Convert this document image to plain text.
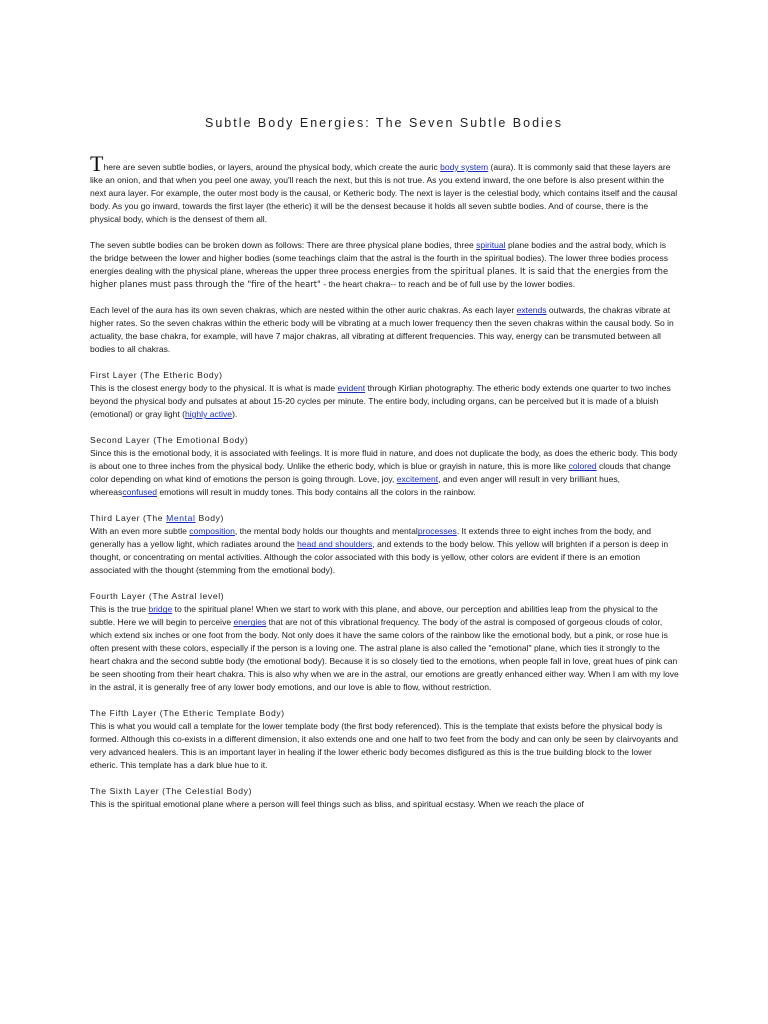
Subtle Body Energies: The Seven Subtle Bodies

There are seven subtle bodies, or layers, around the physical body, which create the auric body system (aura). It is commonly said that these layers are like an onion, and that when you peel one away, you'll reach the next, but this is not true. As you extend inward, the one before is also present within the next aura layer. For example, the outer most body is the causal, or Ketheric body. The next is layer is the celestial body, which contains itself and the causal body. As you go inward, towards the first layer (the etheric) it will be the densest because it holds all seven subtle bodies. And of course, there is the physical body, which is the densest of them all.

The seven subtle bodies can be broken down as follows: There are three physical plane bodies, three spiritual plane bodies and the astral body, which is the bridge between the lower and higher bodies (some teachings claim that the astral is the fourth in the spiritual bodies). The lower three bodies process energies dealing with the physical plane, whereas the upper three process energies from the spiritual planes. It is said that the energies from the higher planes must pass through the "fire of the heart" - the heart chakra-- to reach and be of full use by the lower bodies.

Each level of the aura has its own seven chakras, which are nested within the other auric chakras. As each layer extends outwards, the chakras vibrate at higher rates. So the seven chakras within the etheric body will be vibrating at a much lower frequency then the seven chakras within the causal body. So in actuality, the base chakra, for example, will have 7 major chakras, all vibrating at different frequencies. This way, energy can be transmuted between all bodies to all chakras.

First Layer (The Etheric Body)

This is the closest energy body to the physical. It is what is made evident through Kirlian photography. The etheric body extends one quarter to two inches beyond the physical body and pulsates at about 15-20 cycles per minute. The entire body, including organs, can be perceived but it is made of a bluish (emotional) or gray light (highly active).

Second Layer (The Emotional Body)

Since this is the emotional body, it is associated with feelings. It is more fluid in nature, and does not duplicate the body, as does the etheric body. This body is about one to three inches from the physical body. Unlike the etheric body, which is blue or grayish in nature, this is more like colored clouds that change color depending on what kind of emotions the person is going through. Love, joy, excitement, and even anger will result in very brilliant hues, whereasconfused emotions will result in muddy tones. This body contains all the colors in the rainbow.

Third Layer (The Mental Body)

With an even more subtle composition, the mental body holds our thoughts and mentalprocesses. It extends three to eight inches from the body, and generally has a yellow light, which radiates around the head and shoulders, and extends to the body below. This yellow will brighten if a person is deep in thought, or concentrating on mental activities. Although the color associated with this body is yellow, other colors are evident if there is an emotion associated with the thought (stemming from the emotional body).

Fourth Layer (The Astral level)

This is the true bridge to the spiritual plane! When we start to work with this plane, and above, our perception and abilities leap from the physical to the subtle. Here we will begin to perceive energies that are not of this vibrational frequency. The body of the astral is composed of gorgeous clouds of color, which extend six inches or one foot from the body. Not only does it have the same colors of the rainbow like the emotional body, but a pink, or rose hue is often present with these colors, especially if the person is a loving one. The astral plane is also called the "emotional" plane, which ties it strongly to the heart chakra and the second subtle body (the emotional body). Because it is so closely tied to the emotions, when people fall in love, great hues of pink can be seen shooting from their heart chakra. This is also why when we are in the astral, our emotions are greatly enhanced either way. When I am with my love in the astral, it is generally free of any lower body emotions, and our love is able to flow, without restriction.

The Fifth Layer (The Etheric Template Body)

This is what you would call a template for the lower template body (the first body referenced). This is the template that exists before the physical body is formed. Although this co-exists in a different dimension, it also extends one and one half to two feet from the body and can only be seen by clairvoyants and very advanced healers. This is an important layer in healing if the lower etheric body becomes disfigured as this is the true building block to the lower etheric. This template has a dark blue hue to it.

The Sixth Layer (The Celestial Body)

This is the spiritual emotional plane where a person will feel things such as bliss, and spiritual ecstasy. When we reach the place of
